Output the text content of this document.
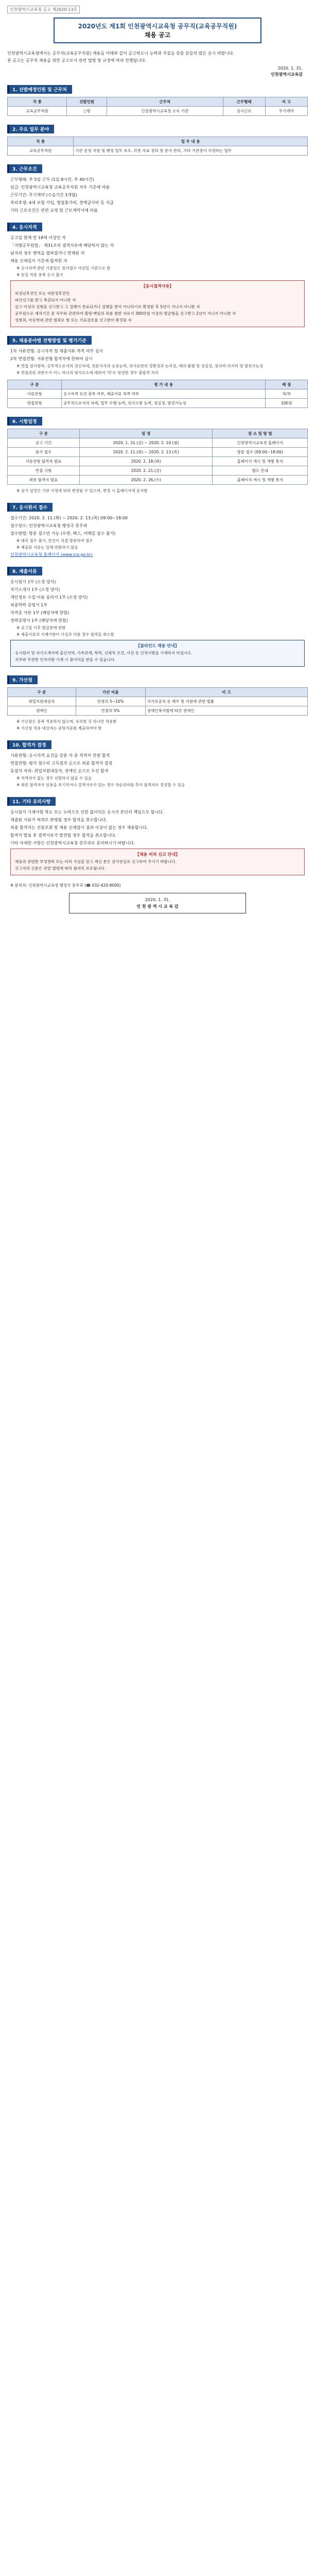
인천광역시교육청 공고 제2020-13호
2020년도 제1회 인천광역시교육청 공무직(교육공무직원)
채용 공고

인천광역시교육청에서는 공무직(교육공무직원) 채용을 아래와 같이 공고하오니 능력과 자질을 갖춘 분들의 많은 응시 바랍니다.

본 공고는 공무직 채용을 위한 공고로서 관련 법령 및 규정에 따라 진행됩니다.

2020. 1. 31.
인천광역시교육감
1. 선발예정인원 및 근무처
직 종	선발인원	근무처	근무형태	비 고
교육공무직원	○명	인천광역시교육청 소속 기관	상시근로	무기계약
2. 주요 업무 분야
직 종	업 무 내 용
교육공무직원	기관 운영 지원 및 행정 업무 보조, 각종 자료 정리 및 문서 관리, 기타 기관장이 지정하는 업무
3. 근무조건
근무형태: 주 5일 근무 (1일 8시간, 주 40시간)
임금: 인천광역시교육청 교육공무직원 처우 기준에 따름
근무기간: 무기계약 (수습기간 3개월)
복리후생: 4대 보험 가입, 명절휴가비, 정액급식비 등 지급
기타 근로조건은 관련 규정 및 근로계약서에 따름
4. 응시자격
공고일 현재 만 18세 이상인 자
「지방공무원법」 제31조의 결격사유에 해당하지 않는 자
남자의 경우 병역을 필하였거나 면제된 자
채용 신체검사 기준에 합격한 자
※ 응시자격 판단 기준일은 원서접수 마감일 기준으로 함
※ 동일 직종 중복 응시 불가
【응시결격사유】

피성년후견인 또는 피한정후견인

파산선고를 받고 복권되지 아니한 자

금고 이상의 실형을 선고받고 그 집행이 종료되거나 집행을 받지 아니하기로 확정된 후 5년이 지나지 아니한 자

공무원으로 재직기간 중 직무와 관련하여 횡령·배임의 죄를 범한 자로서 300만원 이상의 벌금형을 선고받고 2년이 지나지 아니한 자

성범죄, 아동학대 관련 범죄로 형 또는 치료감호를 선고받아 확정된 자

5. 채용분야별 전형방법 및 평가기준
1차 서류전형: 응시자격 및 제출서류 적격 여부 심사
2차 면접전형: 서류전형 합격자에 한하여 실시
※ 면접 평가항목: 공무직으로서의 정신자세, 전문지식과 응용능력, 의사표현의 정확성과 논리성, 예의·품행 및 성실성, 창의력·의지력 및 발전가능성
※ 면접위원 과반수가 어느 하나의 평가요소에 대하여 '하'로 평정한 경우 불합격 처리
구 분	평 가 내 용	배 점
서류전형	응시자격 요건 충족 여부, 제출서류 적격 여부	적/부
면접전형	공무직으로서의 자세, 업무 수행 능력, 의사소통 능력, 성실성, 발전가능성	100점
6. 시험일정
구 분	일 정	장 소 및 방 법
공고 기간	2020. 1. 31.(금) ~ 2020. 2. 10.(월)	인천광역시교육청 홈페이지
원서 접수	2020. 2. 11.(화) ~ 2020. 2. 13.(목)	방문 접수 (09:00~18:00)
서류전형 합격자 발표	2020. 2. 18.(화)	홈페이지 게시 및 개별 통지
면접 시험	2020. 2. 21.(금)	별도 안내
최종 합격자 발표	2020. 2. 26.(수)	홈페이지 게시 및 개별 통지
※ 상기 일정은 기관 사정에 따라 변경될 수 있으며, 변경 시 홈페이지에 공지함
7. 응시원서 접수
접수기간: 2020. 2. 11.(화) ~ 2020. 2. 13.(목) 09:00~18:00
접수장소: 인천광역시교육청 행정국 총무과
접수방법: 방문 접수만 가능 (우편, 팩스, 이메일 접수 불가)
※ 대리 접수 불가, 본인이 직접 방문하여 접수
※ 제출된 서류는 일체 반환하지 않음
인천광역시교육청 홈페이지 (www.ice.go.kr)
8. 제출서류
응시원서 1부 (소정 양식)
자기소개서 1부 (소정 양식)
개인정보 수집·이용 동의서 1부 (소정 양식)
최종학력 증명서 1부
자격증 사본 1부 (해당자에 한함)
경력증명서 1부 (해당자에 한함)
※ 공고일 이후 발급분에 한함
※ 제출서류의 기재사항이 사실과 다를 경우 합격을 취소함
【블라인드 채용 안내】

응시원서 및 자기소개서에 출신지역, 가족관계, 학력, 신체적 조건, 사진 등 인적사항을 기재하지 마십시오.

직무와 무관한 인적사항 기재 시 불이익을 받을 수 있습니다.

9. 가산점
구 분	가산 비율	비 고
취업지원대상자	만점의 5~10%	국가유공자 등 예우 및 지원에 관한 법률
장애인	만점의 5%	장애인복지법에 따른 장애인
※ 가산점은 중복 적용하지 않으며, 유리한 것 하나만 적용함
※ 가산점 적용 대상자는 증빙서류를 제출하여야 함
10. 합격자 결정
서류전형: 응시자격 요건을 갖춘 자 중 적격자 전원 합격
면접전형: 평가 점수의 고득점자 순으로 최종 합격자 결정
동점자 처리: 취업지원대상자, 장애인 순으로 우선 합격
※ 적격자가 없는 경우 선발하지 않을 수 있음
※ 최종 합격자가 임용을 포기하거나 결격사유가 있는 경우 차순위자를 추가 합격자로 결정할 수 있음
11. 기타 유의사항
응시원서 기재사항 착오 또는 누락으로 인한 불이익은 응시자 본인의 책임으로 합니다.
제출된 서류가 허위로 판명될 경우 합격을 취소합니다.
최종 합격자는 신원조회 및 채용 신체검사 결과 이상이 없는 경우 채용합니다.
합격자 발표 후 결격사유가 발견될 경우 합격을 취소합니다.
기타 자세한 사항은 인천광역시교육청 총무과로 문의하시기 바랍니다.
【채용 비리 신고 안내】

채용과 관련한 부정청탁 또는 비리 사실을 알고 계신 분은 감사관실로 신고하여 주시기 바랍니다.

신고자의 신분은 관련 법령에 따라 철저히 보호됩니다.

※ 문의처: 인천광역시교육청 행정국 총무과 (☎ 032-420-8000)

2020. 1. 31.

인 천 광 역 시 교 육 감
